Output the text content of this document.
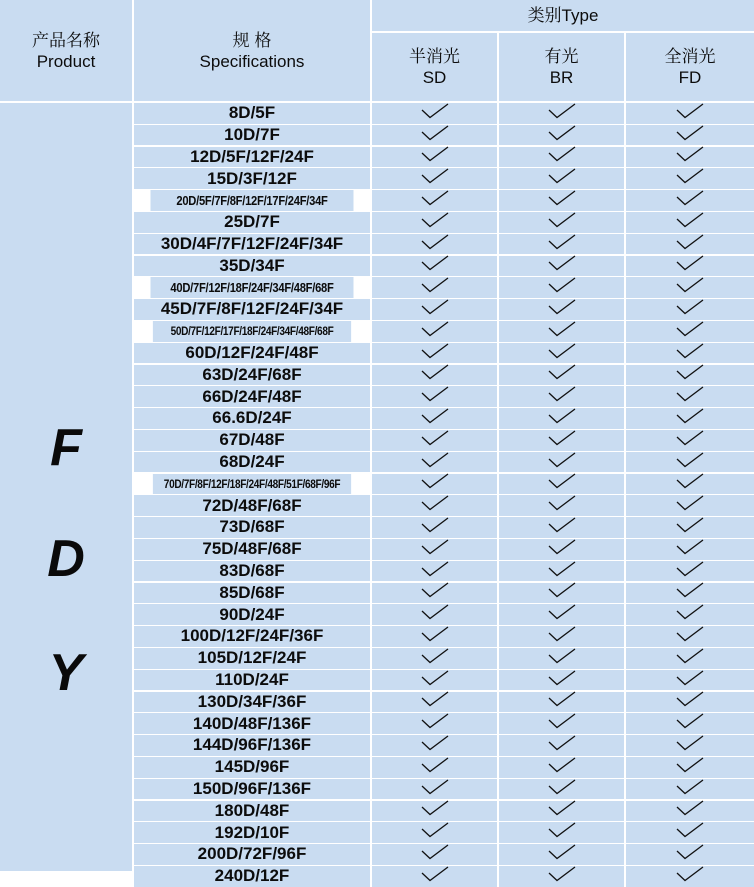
产品名称
Product
规 格
Specifications
类别Type
半消光
SD
有光
BR
全消光
FD
F
D
Y
8D/5F
10D/7F
12D/5F/12F/24F
15D/3F/12F
20D/5F/7F/8F/12F/17F/24F/34F
25D/7F
30D/4F/7F/12F/24F/34F
35D/34F
40D/7F/12F/18F/24F/34F/48F/68F
45D/7F/8F/12F/24F/34F
50D/7F/12F/17F/18F/24F/34F/48F/68F
60D/12F/24F/48F
63D/24F/68F
66D/24F/48F
66.6D/24F
67D/48F
68D/24F
70D/7F/8F/12F/18F/24F/48F/51F/68F/96F
72D/48F/68F
73D/68F
75D/48F/68F
83D/68F
85D/68F
90D/24F
100D/12F/24F/36F
105D/12F/24F
110D/24F
130D/34F/36F
140D/48F/136F
144D/96F/136F
145D/96F
150D/96F/136F
180D/48F
192D/10F
200D/72F/96F
240D/12F
